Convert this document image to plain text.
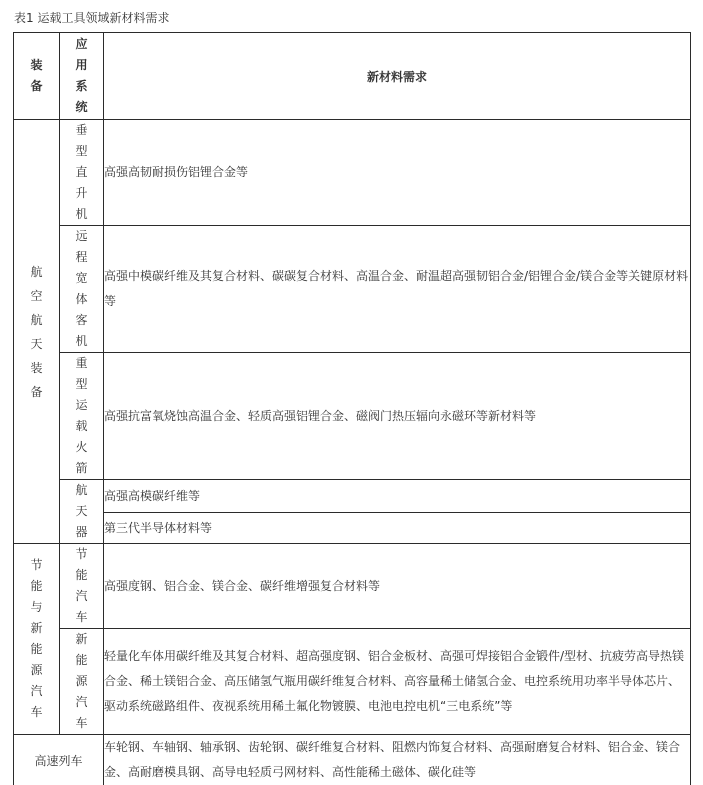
表1 运载工具领域新材料需求

装备	应用系统	新材料需求
航空航天装备	垂型直升机	高强高韧耐损伤铝锂合金等
	远程宽体客机	高强中模碳纤维及其复合材料、碳碳复合材料、高温合金、耐温超高强韧铝合金/铝锂合金/镁合金等关键原材料等
	重型运载火箭	高强抗富氧烧蚀高温合金、轻质高强铝锂合金、磁阀门热压辐向永磁环等新材料等
	航天器	高强高模碳纤维等
		第三代半导体材料等
节能与新能源汽车	节能汽车	高强度钢、铝合金、镁合金、碳纤维增强复合材料等
	新能源汽车	轻量化车体用碳纤维及其复合材料、超高强度钢、铝合金板材、高强可焊接铝合金锻件/型材、抗疲劳高导热镁合金、稀土镁铝合金、高压储氢气瓶用碳纤维复合材料、高容量稀土储氢合金、电控系统用功率半导体芯片、驱动系统磁路组件、夜视系统用稀土氟化物镀膜、电池电控电机“三电系统”等
高速列车		车轮钢、车轴钢、轴承钢、齿轮钢、碳纤维复合材料、阻燃内饰复合材料、高强耐磨复合材料、铝合金、镁合金、高耐磨模具钢、高导电轻质弓网材料、高性能稀土磁体、碳化硅等
